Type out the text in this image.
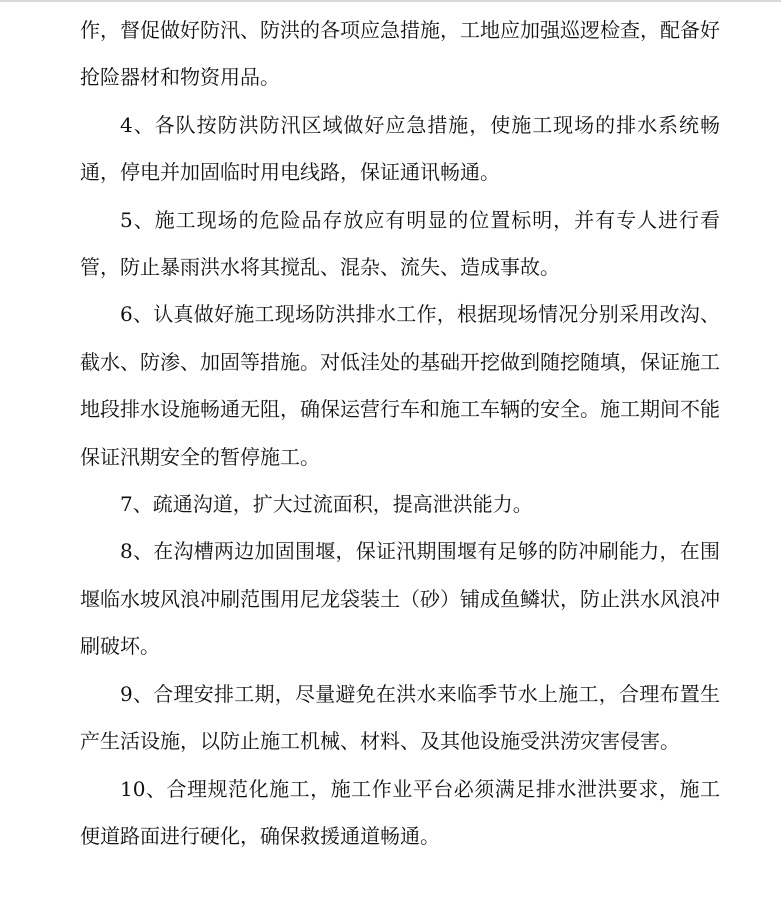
作，督促做好防汛、防洪的各项应急措施，工地应加强巡逻检查，配备好抢险器材和物资用品。

4、各队按防洪防汛区域做好应急措施，使施工现场的排水系统畅通，停电并加固临时用电线路，保证通讯畅通。

5、施工现场的危险品存放应有明显的位置标明，并有专人进行看管，防止暴雨洪水将其搅乱、混杂、流失、造成事故。

6、认真做好施工现场防洪排水工作，根据现场情况分别采用改沟、截水、防渗、加固等措施。对低洼处的基础开挖做到随挖随填，保证施工地段排水设施畅通无阻，确保运营行车和施工车辆的安全。施工期间不能保证汛期安全的暂停施工。

7、疏通沟道，扩大过流面积，提高泄洪能力。

8、在沟槽两边加固围堰，保证汛期围堰有足够的防冲刷能力，在围堰临水坡风浪冲刷范围用尼龙袋装土（砂）铺成鱼鳞状，防止洪水风浪冲刷破坏。

9、合理安排工期，尽量避免在洪水来临季节水上施工，合理布置生产生活设施，以防止施工机械、材料、及其他设施受洪涝灾害侵害。

10、合理规范化施工，施工作业平台必须满足排水泄洪要求，施工便道路面进行硬化，确保救援通道畅通。
